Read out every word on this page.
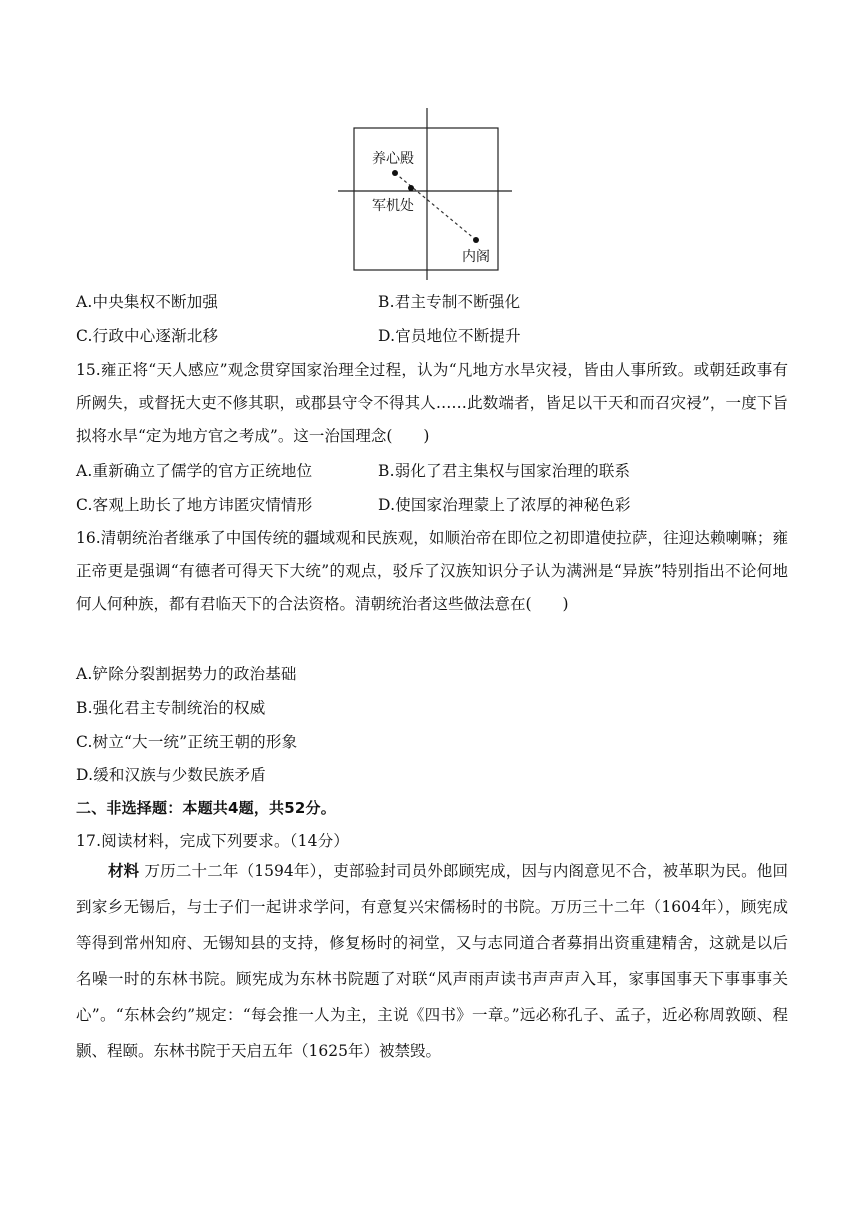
养心殿
军机处
内阁
A.中央集权不断加强	B.君主专制不断强化
C.行政中心逐渐北移	D.官员地位不断提升
15.雍正将“天人感应”观念贯穿国家治理全过程，认为“凡地方水旱灾祲，皆由人事所致。或朝廷政事有所阙失，或督抚大吏不修其职，或郡县守令不得其人……此数端者，皆足以干天和而召灾祲”，一度下旨拟将水旱“定为地方官之考成”。这一治国理念(　　)
A.重新确立了儒学的官方正统地位	B.弱化了君主集权与国家治理的联系
C.客观上助长了地方讳匿灾情情形	D.使国家治理蒙上了浓厚的神秘色彩
16.清朝统治者继承了中国传统的疆域观和民族观，如顺治帝在即位之初即遣使拉萨，往迎达赖喇嘛；雍正帝更是强调“有德者可得天下大统”的观点，驳斥了汉族知识分子认为满洲是“异族”特别指出不论何地何人何种族，都有君临天下的合法资格。清朝统治者这些做法意在(　　)
A.铲除分裂割据势力的政治基础
B.强化君主专制统治的权威
C.树立“大一统”正统王朝的形象
D.缓和汉族与少数民族矛盾
二、非选择题：本题共4题，共52分。
17.阅读材料，完成下列要求。（14分）
材料 万历二十二年（1594年），吏部验封司员外郎顾宪成，因与内阁意见不合，被革职为民。他回到家乡无锡后，与士子们一起讲求学问，有意复兴宋儒杨时的书院。万历三十二年（1604年），顾宪成等得到常州知府、无锡知县的支持，修复杨时的祠堂，又与志同道合者募捐出资重建精舍，这就是以后名噪一时的东林书院。顾宪成为东林书院题了对联“风声雨声读书声声声入耳，家事国事天下事事事关心”。“东林会约”规定：“每会推一人为主，主说《四书》一章。”远必称孔子、孟子，近必称周敦颐、程颢、程颐。东林书院于天启五年（1625年）被禁毁。
